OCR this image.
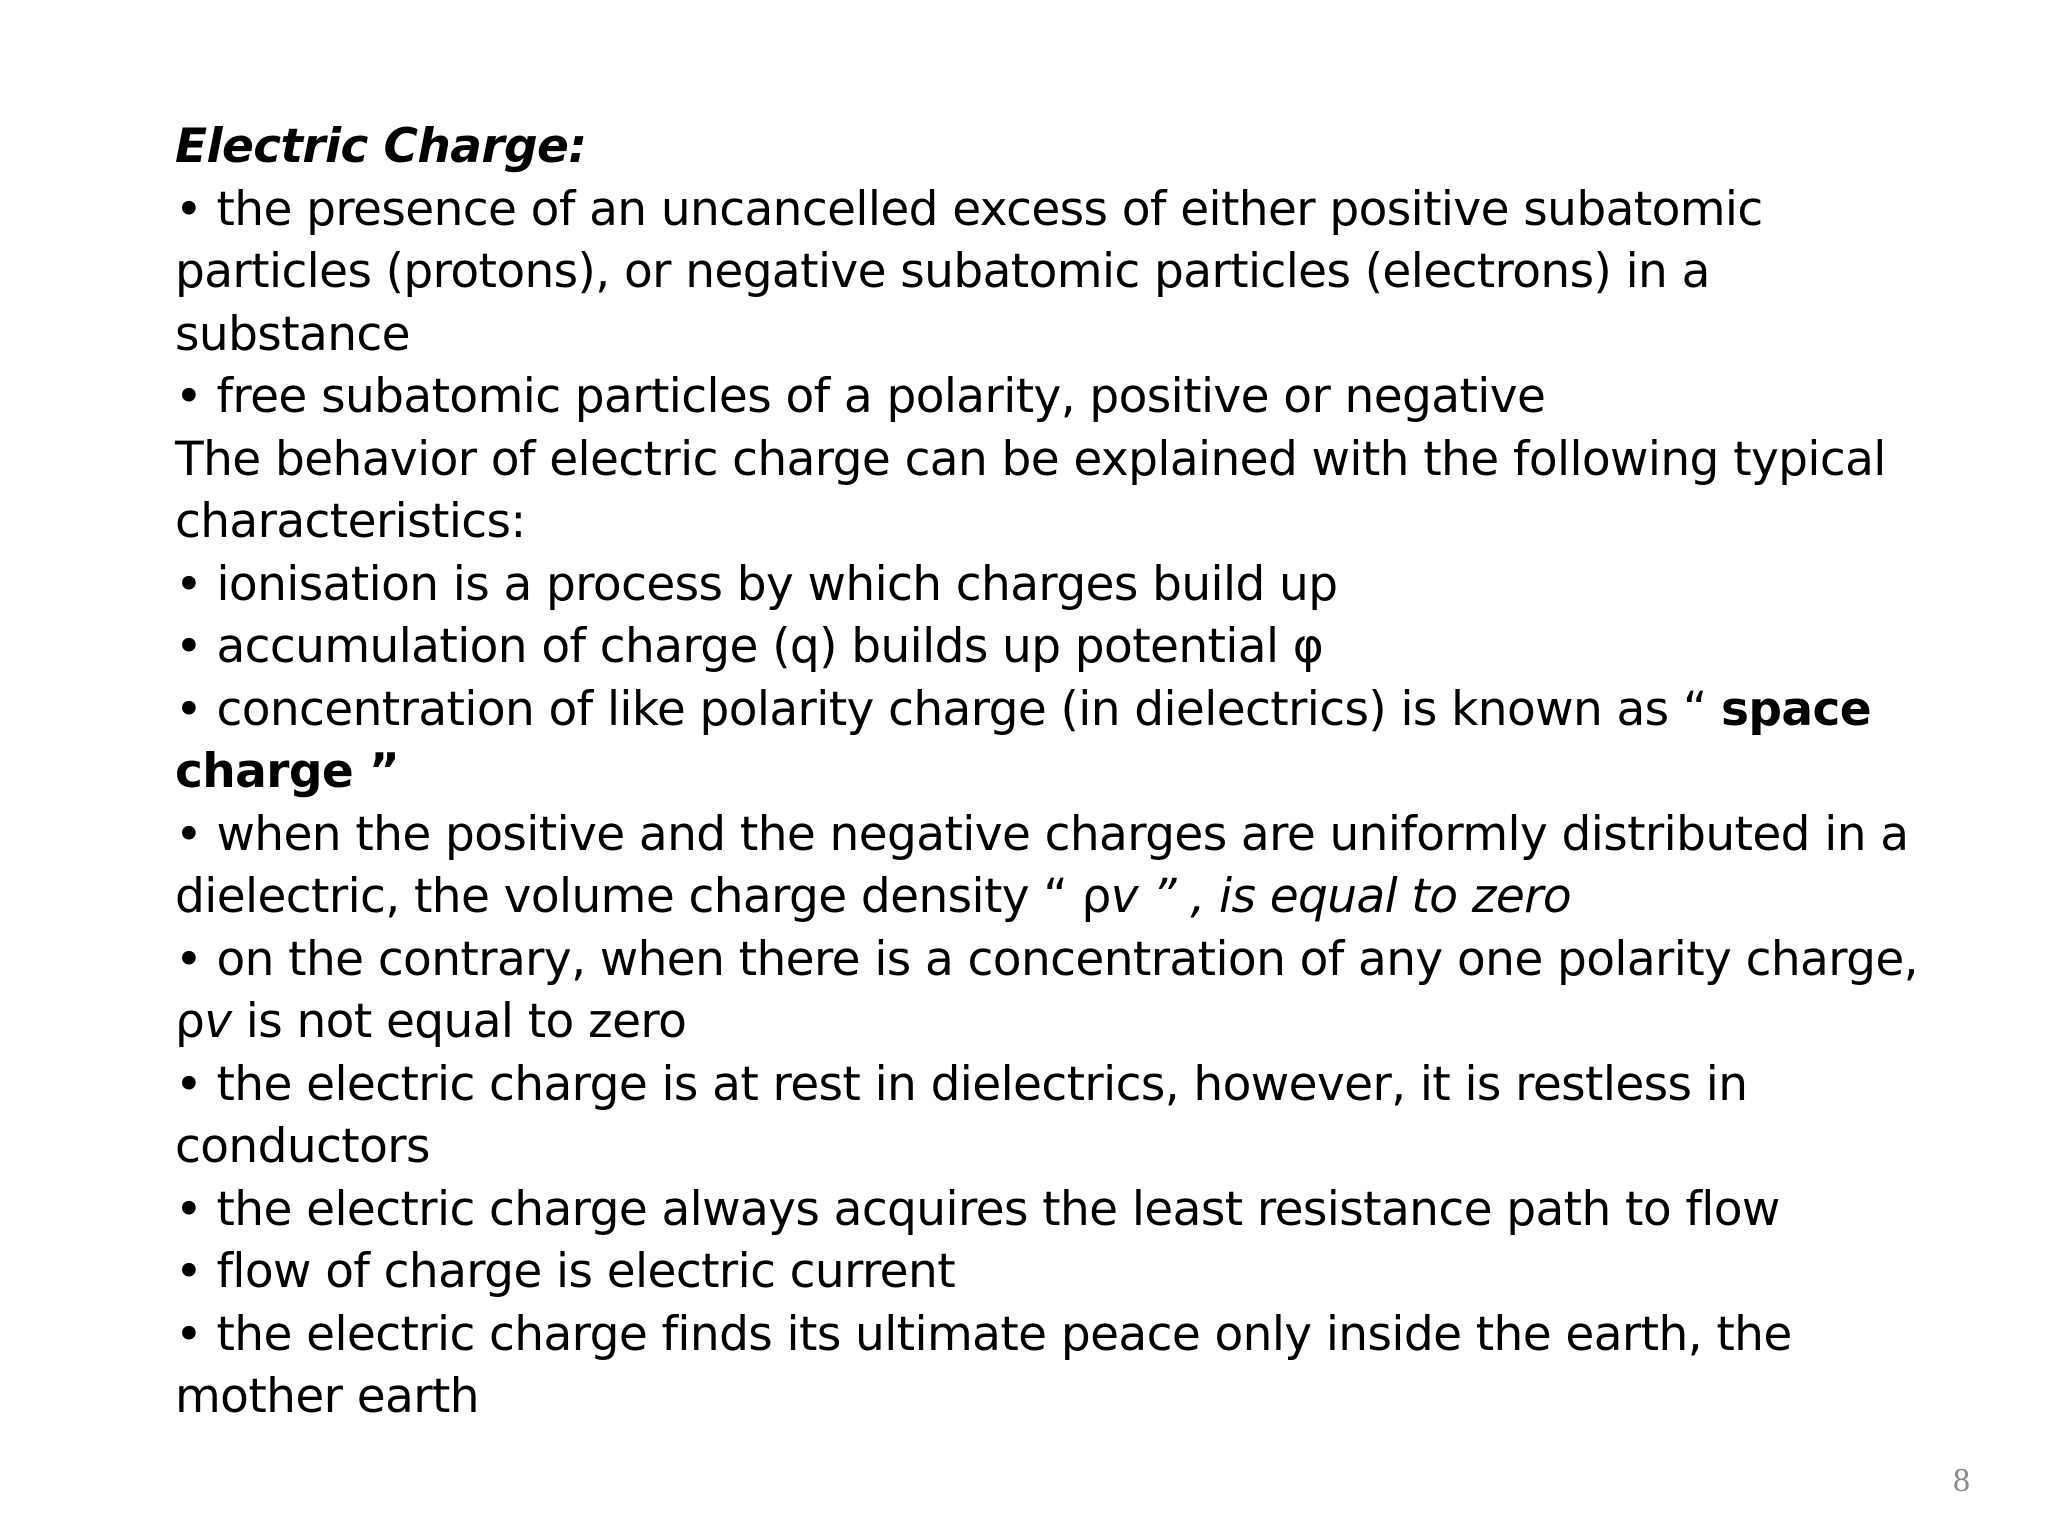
Electric Charge:
• the presence of an uncancelled excess of either positive subatomic
particles (protons), or negative subatomic particles (electrons) in a
substance
• free subatomic particles of a polarity, positive or negative
The behavior of electric charge can be explained with the following typical
characteristics:
• ionisation is a process by which charges build up
• accumulation of charge (q) builds up potential φ
• concentration of like polarity charge (in dielectrics) is known as “ space
charge ”
• when the positive and the negative charges are uniformly distributed in a
dielectric, the volume charge density “ ρv ” , is equal to zero
• on the contrary, when there is a concentration of any one polarity charge,
ρv is not equal to zero
• the electric charge is at rest in dielectrics, however, it is restless in
conductors
• the electric charge always acquires the least resistance path to flow
• flow of charge is electric current
• the electric charge finds its ultimate peace only inside the earth, the
mother earth
8
